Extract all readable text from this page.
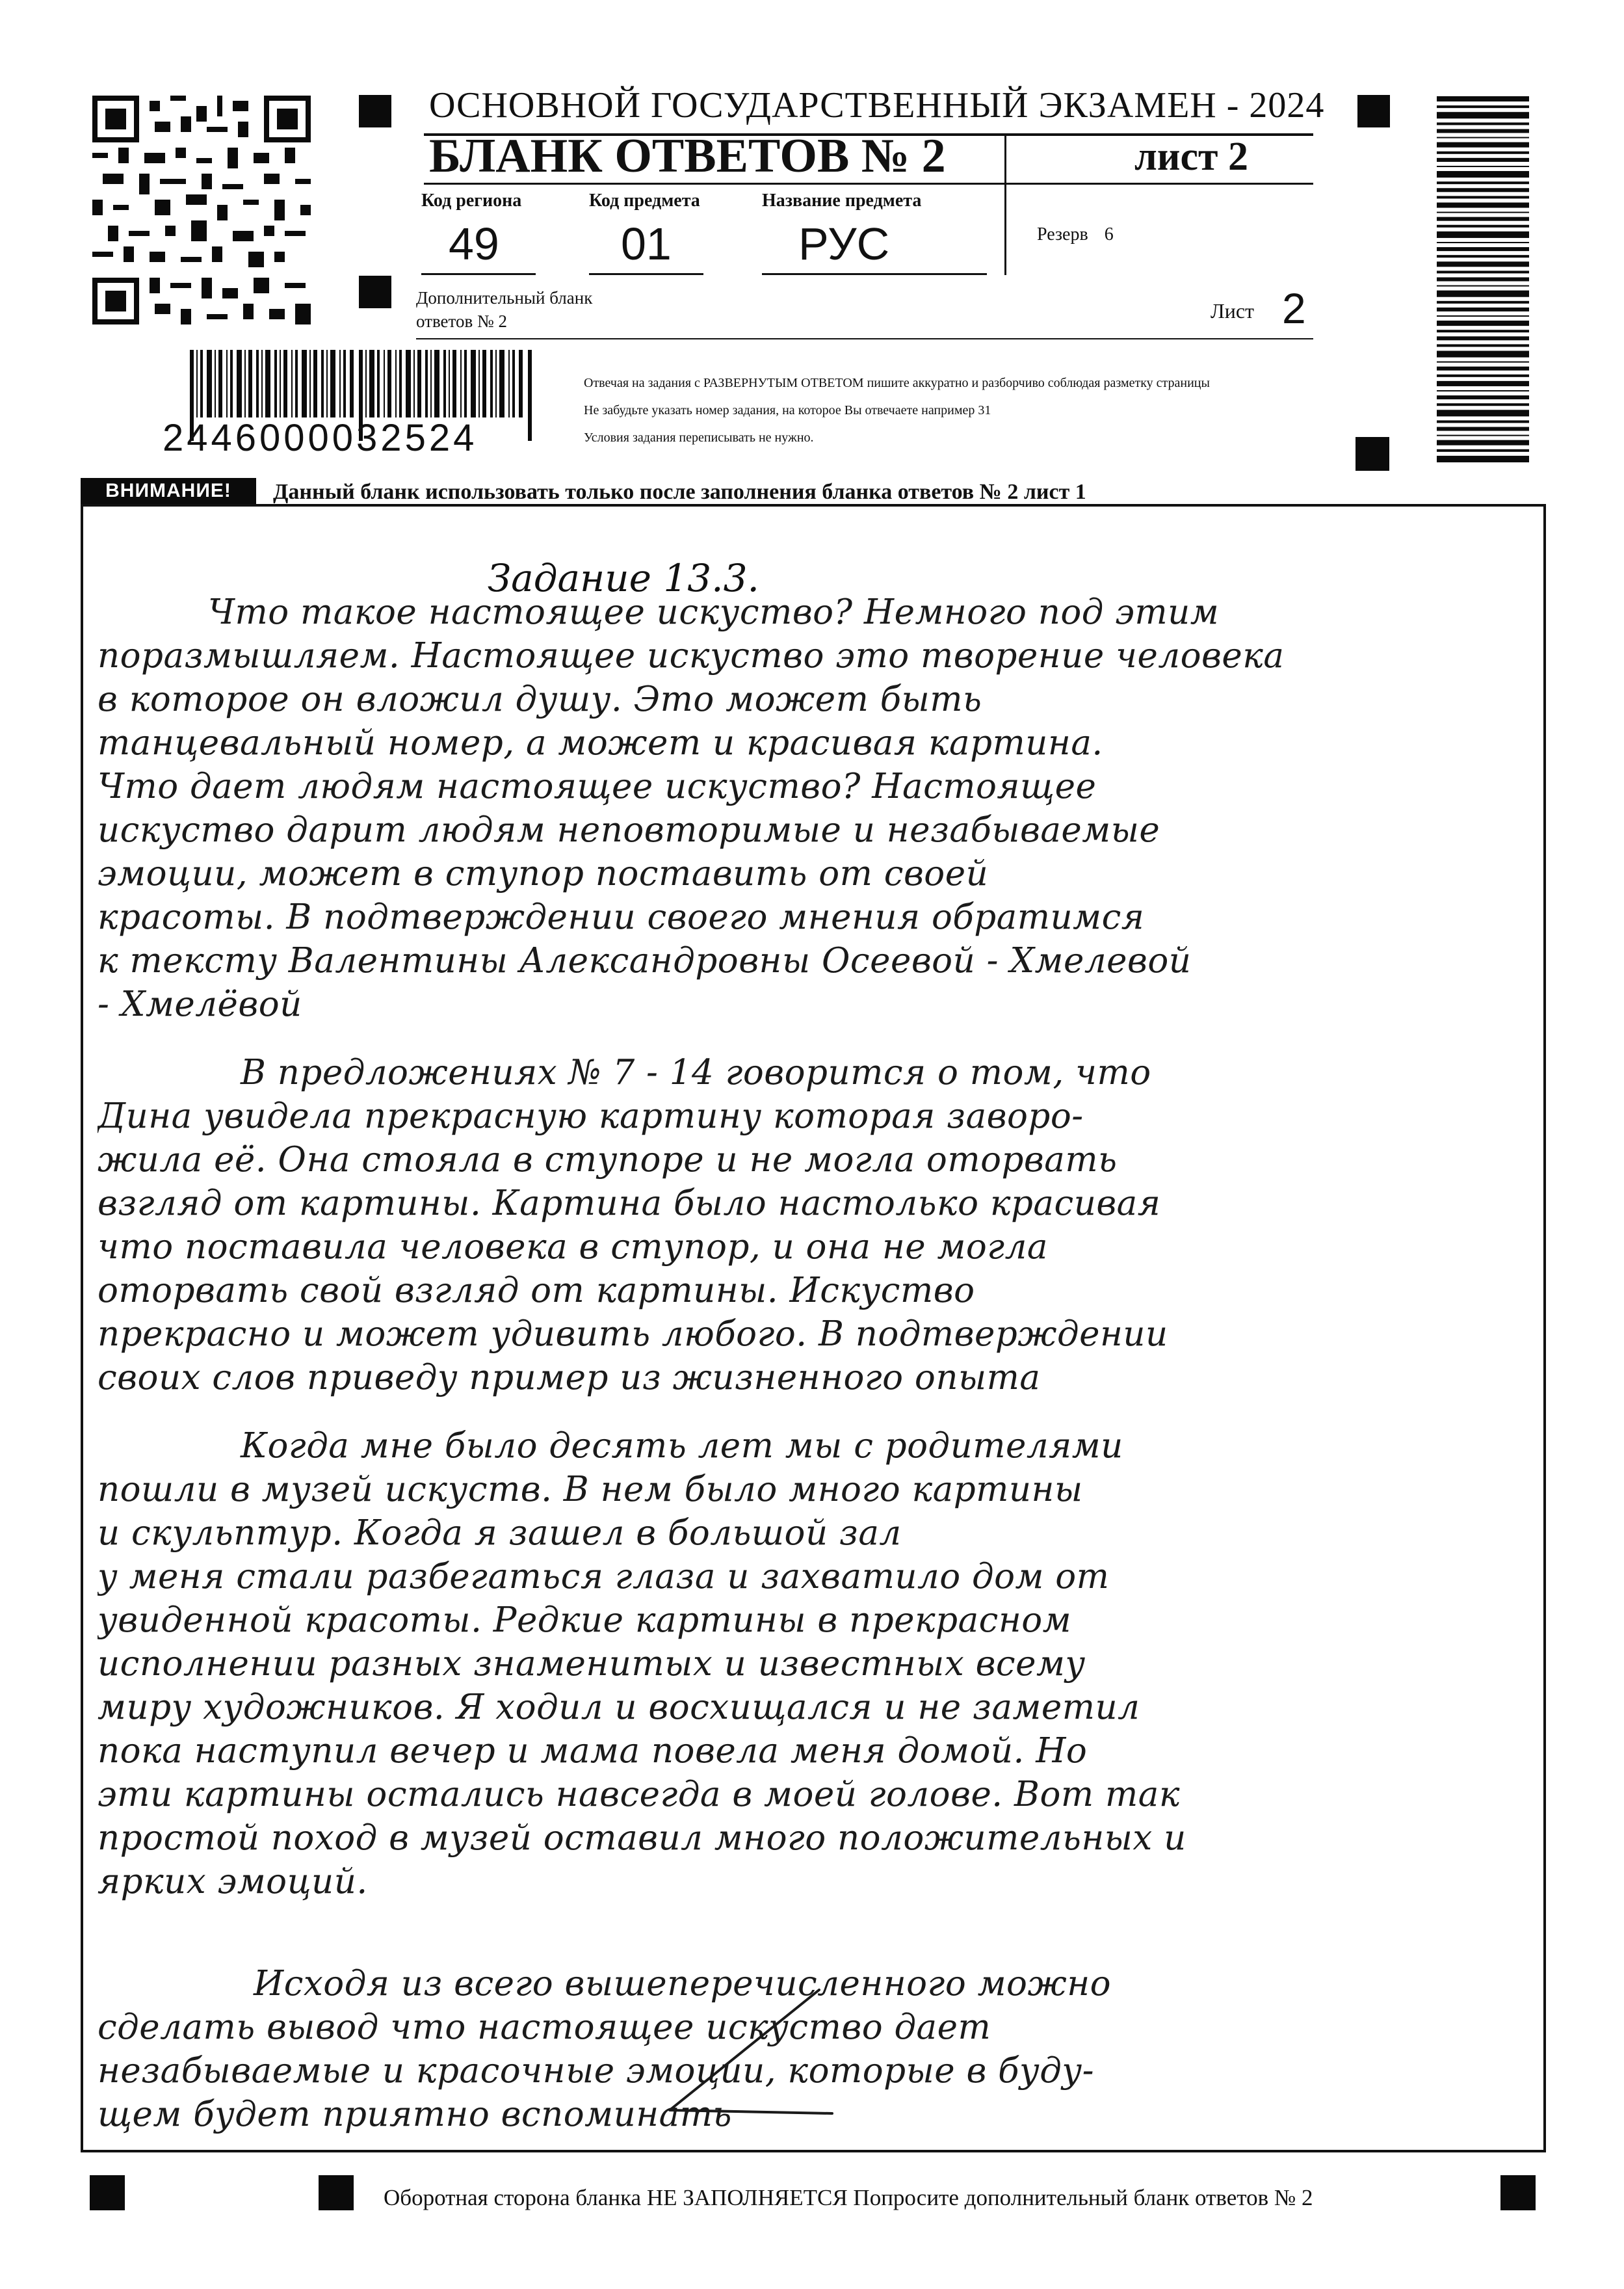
ОСНОВНОЙ ГОСУДАРСТВЕННЫЙ ЭКЗАМЕН - 2024
БЛАНК ОТВЕТОВ № 2	лист 2
Код региона
49
Код предмета
01
Название предмета
РУС	Резерв 6
Дополнительный бланк ответов № 2	Лист 2
2446000032524
Отвечая на задания с РАЗВЕРНУТЫМ ОТВЕТОМ пишите аккуратно и разборчиво соблюдая разметку страницы
Не забудьте указать номер задания, на которое Вы отвечаете например 31
Условия задания переписывать не нужно.
ВНИМАНИЕ!	Данный бланк использовать только после заполнения бланка ответов № 2 лист 1
Задание 13.3.
Что такое настоящее искуство? Немного под этим
поразмышляем. Настоящее искуство это творение человека
в которое он вложил душу. Это может быть
танцевальный номер, а может и красивая картина.
Что дает людям настоящее искуство? Настоящее
искуство дарит людям неповторимые и незабываемые
эмоции, может в ступор поставить от своей
красоты. В подтверждении своего мнения обратимся
к тексту Валентины Александровны Осеевой - Хмелевой
- Хмелёвой
В предложениях № 7 - 14 говорится о том, что
Дина увидела прекрасную картину которая заворо-
жила её. Она стояла в ступоре и не могла оторвать
взгляд от картины. Картина было настолько красивая
что поставила человека в ступор, и она не могла
оторвать свой взгляд от картины. Искуство
прекрасно и может удивить любого. В подтверждении
своих слов приведу пример из жизненного опыта
Когда мне было десять лет мы с родителями
пошли в музей искуств. В нем было много картины
и скульптур. Когда я зашел в большой зал
у меня стали разбегаться глаза и захватило дом от
увиденной красоты. Редкие картины в прекрасном
исполнении разных знаменитых и известных всему
миру художников. Я ходил и восхищался и не заметил
пока наступил вечер и мама повела меня домой. Но
эти картины остались навсегда в моей голове. Вот так
простой поход в музей оставил много положительных и
ярких эмоций.
Исходя из всего вышеперечисленного можно
сделать вывод что настоящее искуство дает
незабываемые и красочные эмоции, которые в буду-
щем будет приятно вспоминать
Оборотная сторона бланка НЕ ЗАПОЛНЯЕТСЯ Попросите дополнительный бланк ответов № 2
